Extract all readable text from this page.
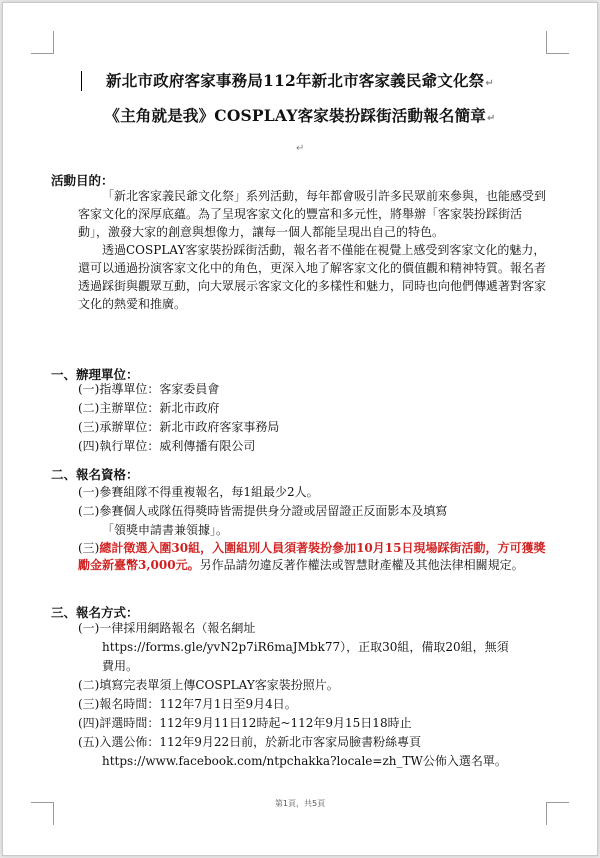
新北市政府客家事務局112年新北市客家義民爺文化祭↵
《主角就是我》COSPLAY客家裝扮踩街活動報名簡章↵
↵
活動目的：

「新北客家義民爺文化祭」系列活動，每年都會吸引許多民眾前來參與，也能感受到客家文化的深厚底蘊。為了呈現客家文化的豐富和多元性，將舉辦「客家裝扮踩街活動」，激發大家的創意與想像力，讓每一個人都能呈現出自己的特色。

透過COSPLAY客家裝扮踩街活動，報名者不僅能在視覺上感受到客家文化的魅力，還可以通過扮演客家文化中的角色，更深入地了解客家文化的價值觀和精神特質。報名者透過踩街與觀眾互動，向大眾展示客家文化的多樣性和魅力，同時也向他們傳遞著對客家文化的熱愛和推廣。

一、辦理單位：
(一)指導單位：客家委員會
(二)主辦單位：新北市政府
(三)承辦單位：新北市政府客家事務局
(四)執行單位：威利傳播有限公司
二、報名資格：
(一)參賽組隊不得重複報名，每1組最少2人。
(二)參賽個人或隊伍得獎時皆需提供身分證或居留證正反面影本及填寫
「領獎申請書兼領據」。
(三)總計徵選入圍30組，入圍組別人員須著裝扮參加10月15日現場踩街活動，方可獲獎勵金新臺幣3,000元。另作品請勿違反著作權法或智慧財產權及其他法律相關規定。
三、報名方式：
(一)一律採用網路報名（報名網址
https://forms.gle/yvN2p7iR6maJMbk77），正取30組，備取20組，無須
費用。
(二)填寫完表單須上傳COSPLAY客家裝扮照片。
(三)報名時間：112年7月1日至9月4日。
(四)評選時間：112年9月11日12時起~112年9月15日18時止
(五)入選公佈：112年9月22日前，於新北市客家局臉書粉絲專頁
https://www.facebook.com/ntpchakka?locale=zh_TW公佈入選名單。
第1頁，共5頁
